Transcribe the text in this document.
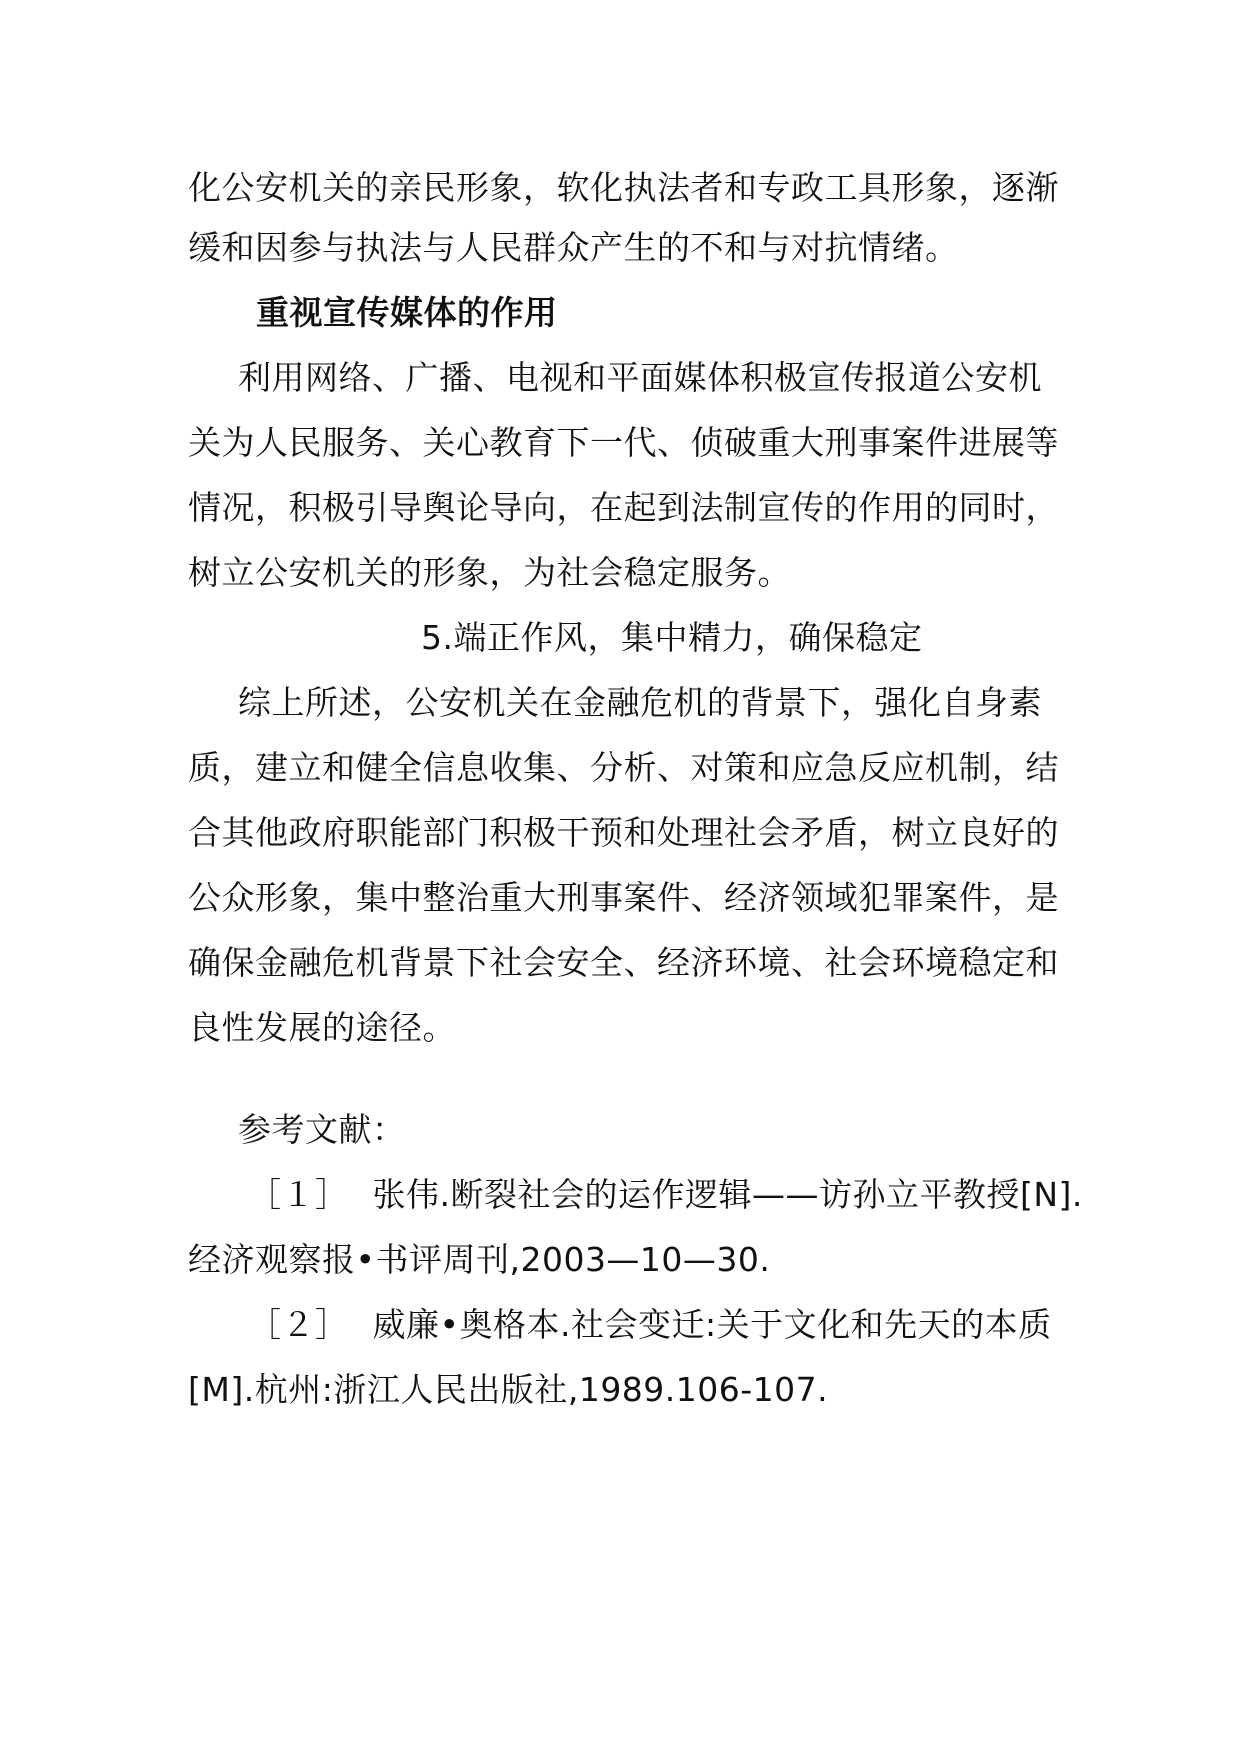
化公安机关的亲民形象，软化执法者和专政工具形象，逐渐
缓和因参与执法与人民群众产生的不和与对抗情绪。
重视宣传媒体的作用
利用网络、广播、电视和平面媒体积极宣传报道公安机
关为人民服务、关心教育下一代、侦破重大刑事案件进展等
情况，积极引导舆论导向，在起到法制宣传的作用的同时，
树立公安机关的形象，为社会稳定服务。
5.端正作风，集中精力，确保稳定
综上所述，公安机关在金融危机的背景下，强化自身素
质，建立和健全信息收集、分析、对策和应急反应机制，结
合其他政府职能部门积极干预和处理社会矛盾，树立良好的
公众形象，集中整治重大刑事案件、经济领域犯罪案件，是
确保金融危机背景下社会安全、经济环境、社会环境稳定和
良性发展的途径。
参考文献：
［１］ 张伟.断裂社会的运作逻辑——访孙立平教授[N].
经济观察报•书评周刊,2003—10—30.
［２］ 威廉•奥格本.社会变迁:关于文化和先天的本质
[M].杭州:浙江人民出版社,1989.106-107.
